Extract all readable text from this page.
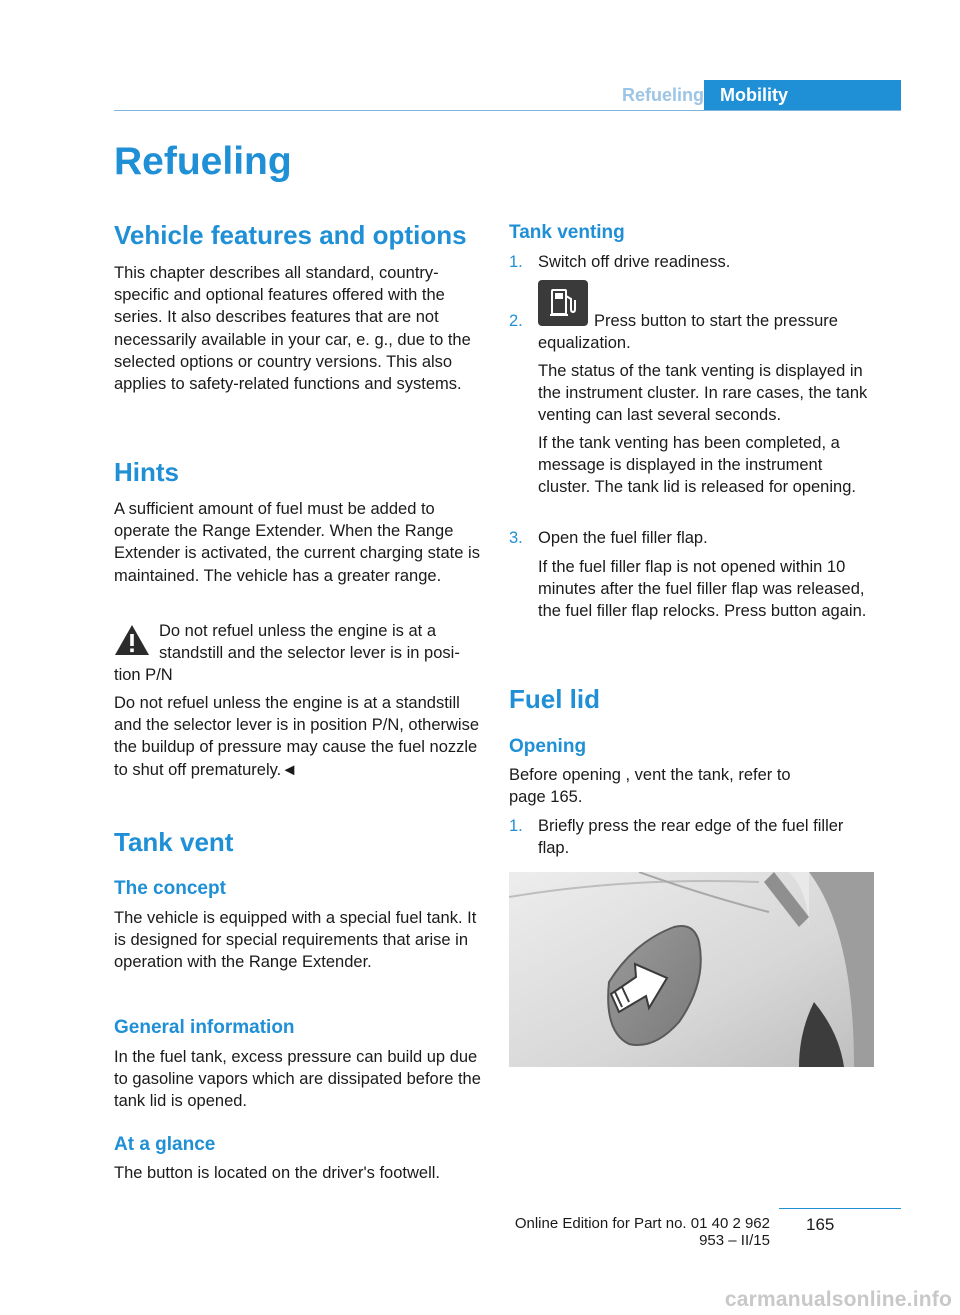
Refueling Mobility
Refueling
Vehicle features and options
This chapter describes all standard, country-specific and optional features offered with the series. It also describes features that are not necessarily available in your car, e. g., due to the selected options or country versions. This also applies to safety-related functions and systems.
Hints
A sufficient amount of fuel must be added to operate the Range Extender. When the Range Extender is activated, the current charging state is maintained. The vehicle has a greater range.
Do not refuel unless the engine is at a
standstill and the selector lever is in posi-
tion P/N
Do not refuel unless the engine is at a standstill and the selector lever is in position P/N, otherwise the buildup of pressure may cause the fuel nozzle to shut off prematurely.◄
Tank vent
The concept
The vehicle is equipped with a special fuel tank. It is designed for special requirements that arise in operation with the Range Extender.
General information
In the fuel tank, excess pressure can build up due to gasoline vapors which are dissipated before the tank lid is opened.
At a glance
The button is located on the driver's footwell.
Tank venting
1. Switch off drive readiness.
2.	Press button to start the pressure
equalization.
The status of the tank venting is displayed in the instrument cluster. In rare cases, the tank venting can last several seconds.
If the tank venting has been completed, a message is displayed in the instrument cluster. The tank lid is released for opening.
3. Open the fuel filler flap.
If the fuel filler flap is not opened within 10 minutes after the fuel filler flap was released, the fuel filler flap relocks. Press button again.
Fuel lid
Opening
Before opening , vent the tank, refer to page 165.
1. Briefly press the rear edge of the fuel filler flap.
Online Edition for Part no. 01 40 2 962 953 – II/15
165
carmanualsonline.info
